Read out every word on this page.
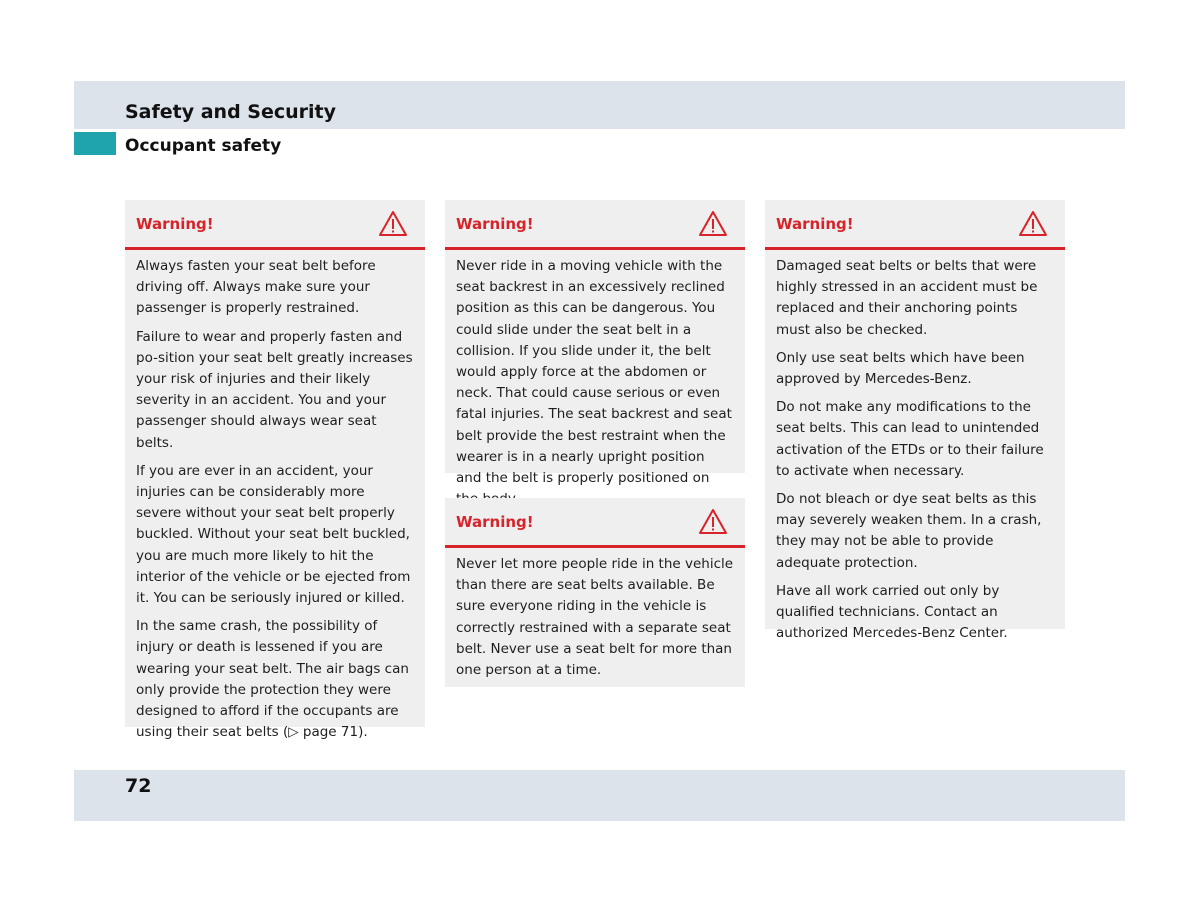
Safety and Security
Occupant safety
Warning!

Always fasten your seat belt before driving off. Always make sure your passenger is properly restrained.

Failure to wear and properly fasten and po-sition your seat belt greatly increases your risk of injuries and their likely severity in an accident. You and your passenger should always wear seat belts.

If you are ever in an accident, your injuries can be considerably more severe without your seat belt properly buckled. Without your seat belt buckled, you are much more likely to hit the interior of the vehicle or be ejected from it. You can be seriously injured or killed.

In the same crash, the possibility of injury or death is lessened if you are wearing your seat belt. The air bags can only provide the protection they were designed to afford if the occupants are using their seat belts (▷ page 71).

Warning!

Never ride in a moving vehicle with the seat backrest in an excessively reclined position as this can be dangerous. You could slide under the seat belt in a collision. If you slide under it, the belt would apply force at the abdomen or neck. That could cause serious or even fatal injuries. The seat backrest and seat belt provide the best restraint when the wearer is in a nearly upright position and the belt is properly positioned on

Warning!

Never let more people ride in the vehicle than there are seat belts available. Be sure everyone riding in the vehicle is correctly restrained with a separate seat belt. Never use a seat belt for more than one person at a time.

Warning!

Damaged seat belts or belts that were highly stressed in an accident must be replaced and their anchoring points must also be checked.

Only use seat belts which have been approved by Mercedes-Benz.

Do not make any modifications to the seat belts. This can lead to unintended activation of the ETDs or to their failure to activate when necessary.

Do not bleach or dye seat belts as this may severely weaken them. In a crash, they may not be able to provide adequate protection.

Have all work carried out only by qualified technicians. Contact an authorized Mercedes-Benz Center.

72
